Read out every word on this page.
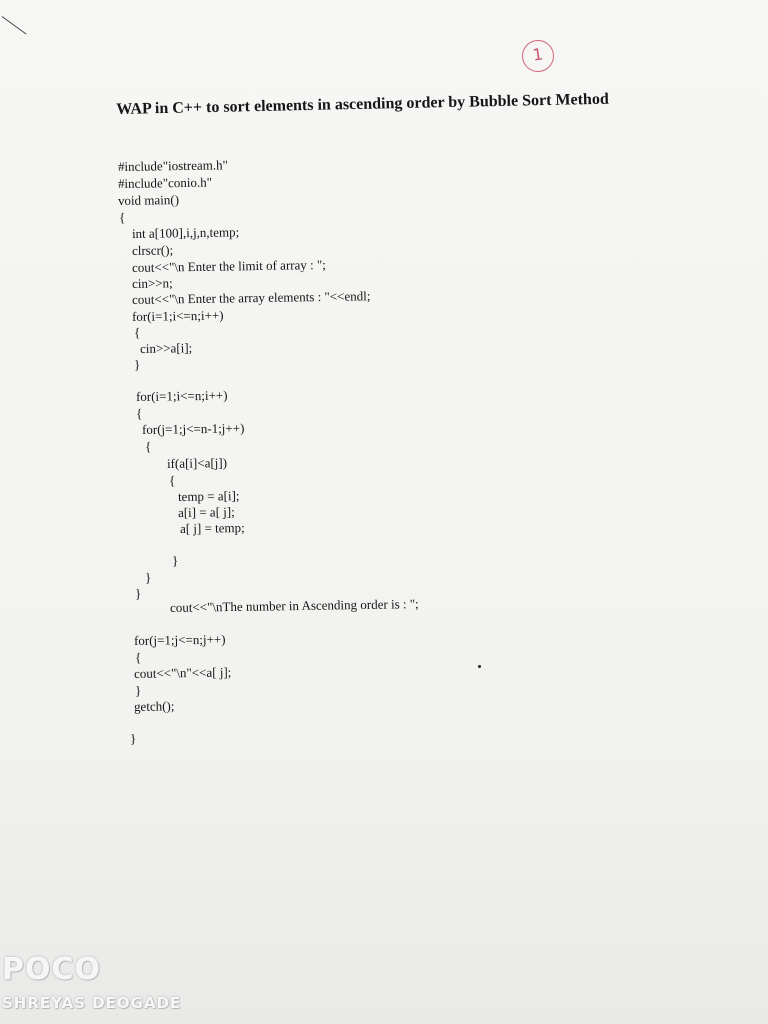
1
WAP in C++ to sort elements in ascending order by Bubble Sort Method
#include"iostream.h"
#include"conio.h"
void main()
{
int a[100],i,j,n,temp;
clrscr();
cout<<"\n Enter the limit of array : ";
cin>>n;
cout<<"\n Enter the array elements : "<<endl;
for(i=1;i<=n;i++)
{
cin>>a[i];
}
for(i=1;i<=n;i++)
{
for(j=1;j<=n-1;j++)
{
if(a[i]<a[j])
{
temp = a[i];
a[i] = a[ j];
a[ j] = temp;
}
}
}
cout<<"\nThe number in Ascending order is : ";
for(j=1;j<=n;j++)
{
cout<<"\n"<<a[ j];
}
getch();
}
POCO
SHREYAS DEOGADE
